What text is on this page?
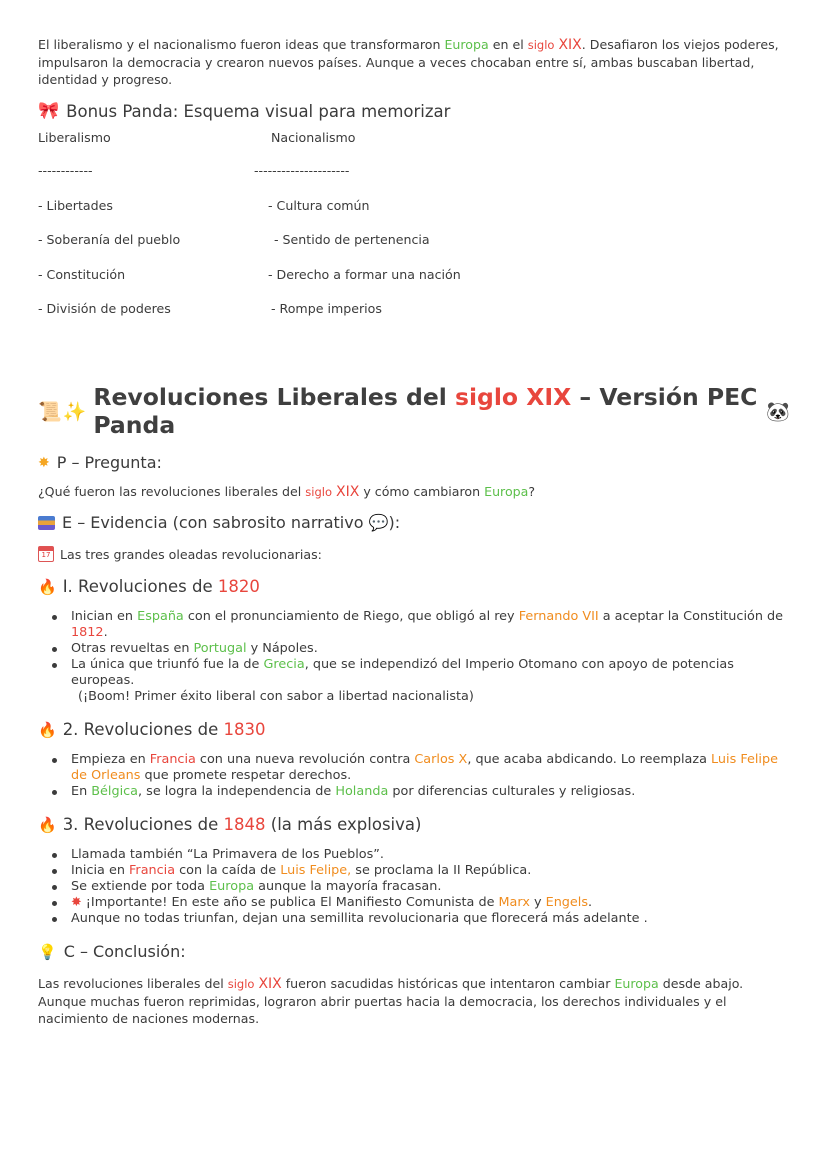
El liberalismo y el nacionalismo fueron ideas que transformaron Europa en el siglo XIX. Desafiaron los viejos poderes, impulsaron la democracia y crearon nuevos países. Aunque a veces chocaban entre sí, ambas buscaban libertad, identidad y progreso.

🎀 Bonus Panda: Esquema visual para memorizar
Liberalismo	Nacionalismo
------------	---------------------
- Libertades	- Cultura común
- Soberanía del pueblo	- Sentido de pertenencia
- Constitución	- Derecho a formar una nación
- División de poderes	- Rompe imperios
📜 ✨
Revoluciones Liberales del siglo XIX – Versión PEC Panda	🐼
✸ P – Pregunta:

¿Qué fueron las revoluciones liberales del siglo XIX y cómo cambiaron Europa?

E – Evidencia (con sabrosito narrativo 💬):
17 Las tres grandes oleadas revolucionarias:
🔥 I. Revoluciones de 1820
Inician en España con el pronunciamiento de Riego, que obligó al rey Fernando VII a aceptar la Constitución de 1812.
Otras revueltas en Portugal y Nápoles.
La única que triunfó fue la de Grecia, que se independizó del Imperio Otomano con apoyo de potencias europeas.

(¡Boom! Primer éxito liberal con sabor a libertad nacionalista)

🔥 2. Revoluciones de 1830
Empieza en Francia con una nueva revolución contra Carlos X, que acaba abdicando. Lo reemplaza Luis Felipe de Orleans que promete respetar derechos.
En Bélgica, se logra la independencia de Holanda por diferencias culturales y religiosas.
🔥 3. Revoluciones de 1848 (la más explosiva)
Llamada también “La Primavera de los Pueblos”.
Inicia en Francia con la caída de Luis Felipe, se proclama la II República.
Se extiende por toda Europa aunque la mayoría fracasan.
✸ ¡Importante! En este año se publica El Manifiesto Comunista de Marx y Engels.
Aunque no todas triunfan, dejan una semillita revolucionaria que florecerá más adelante .
💡 C – Conclusión:

Las revoluciones liberales del siglo XIX fueron sacudidas históricas que intentaron cambiar Europa desde abajo. Aunque muchas fueron reprimidas, lograron abrir puertas hacia la democracia, los derechos individuales y el nacimiento de naciones modernas.
